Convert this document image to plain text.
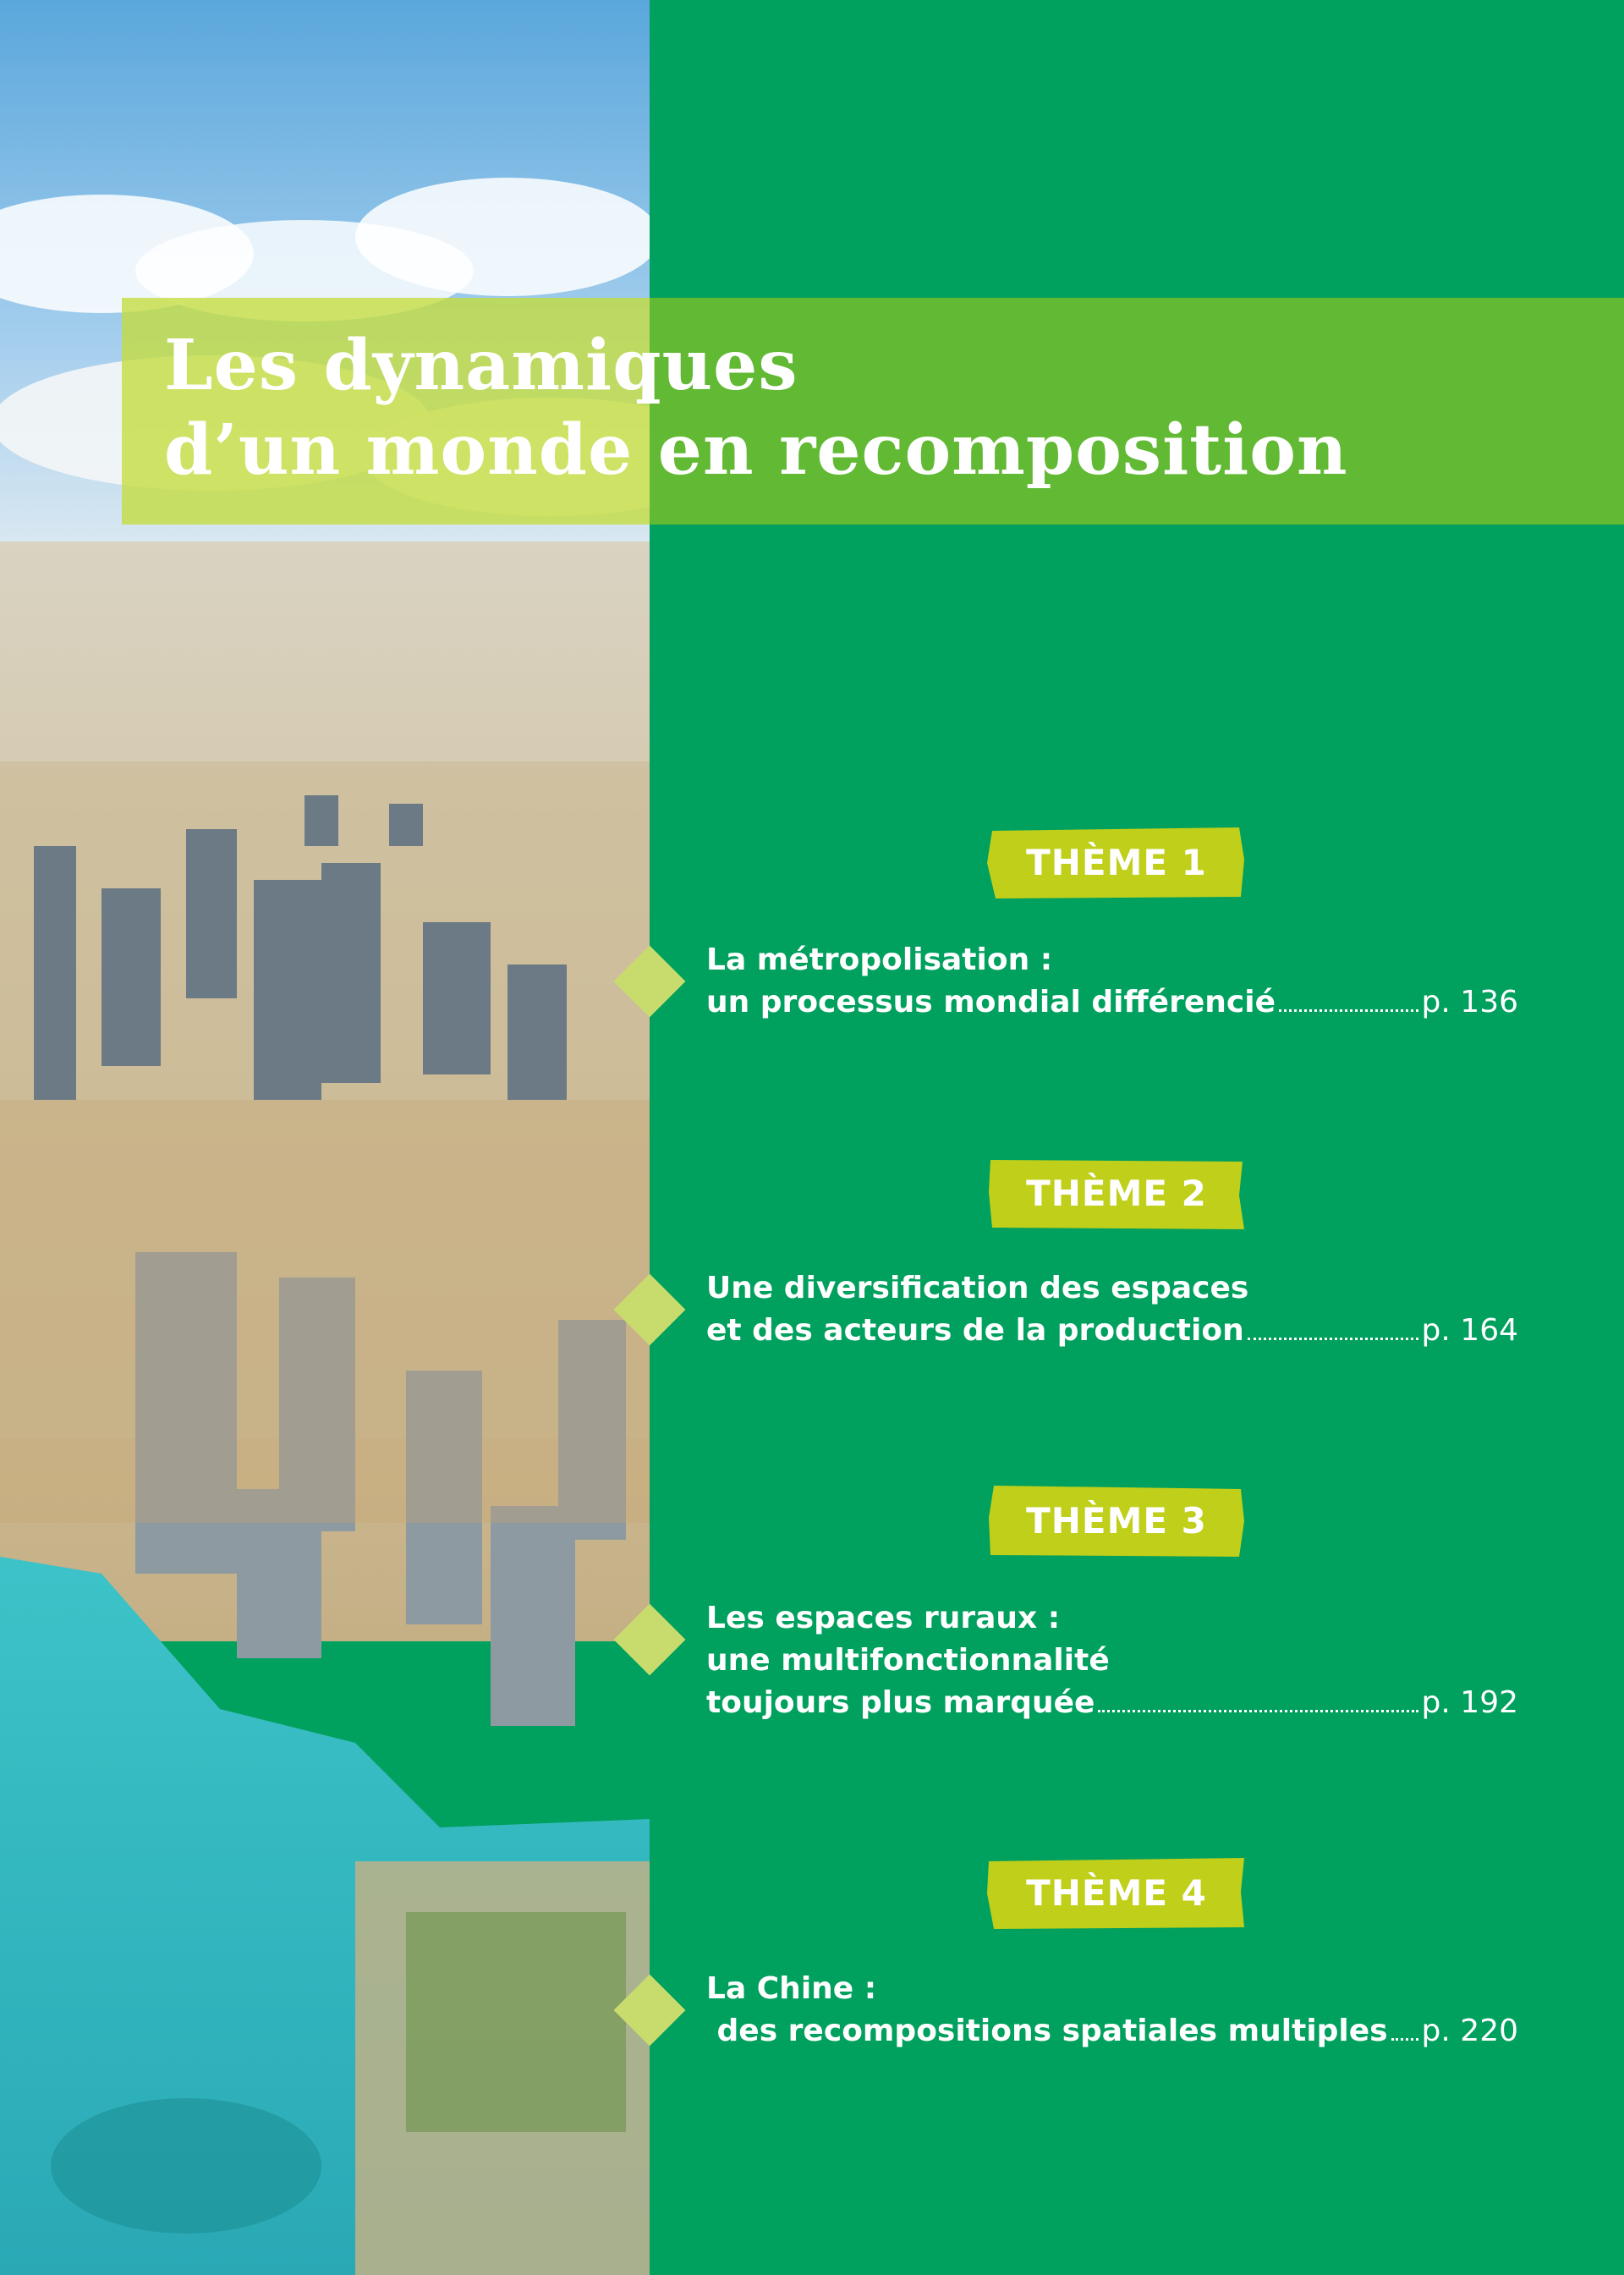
Les dynamiques
d’un monde en recomposition
THÈME 1
La métropolisation :
un processus mondial différencié	p. 136
THÈME 2
Une diversification des espaces
et des acteurs de la production	p. 164
THÈME 3
Les espaces ruraux :
une multifonctionnalité
toujours plus marquée	p. 192
THÈME 4
La Chine :
des recompositions spatiales multiples p. 220
